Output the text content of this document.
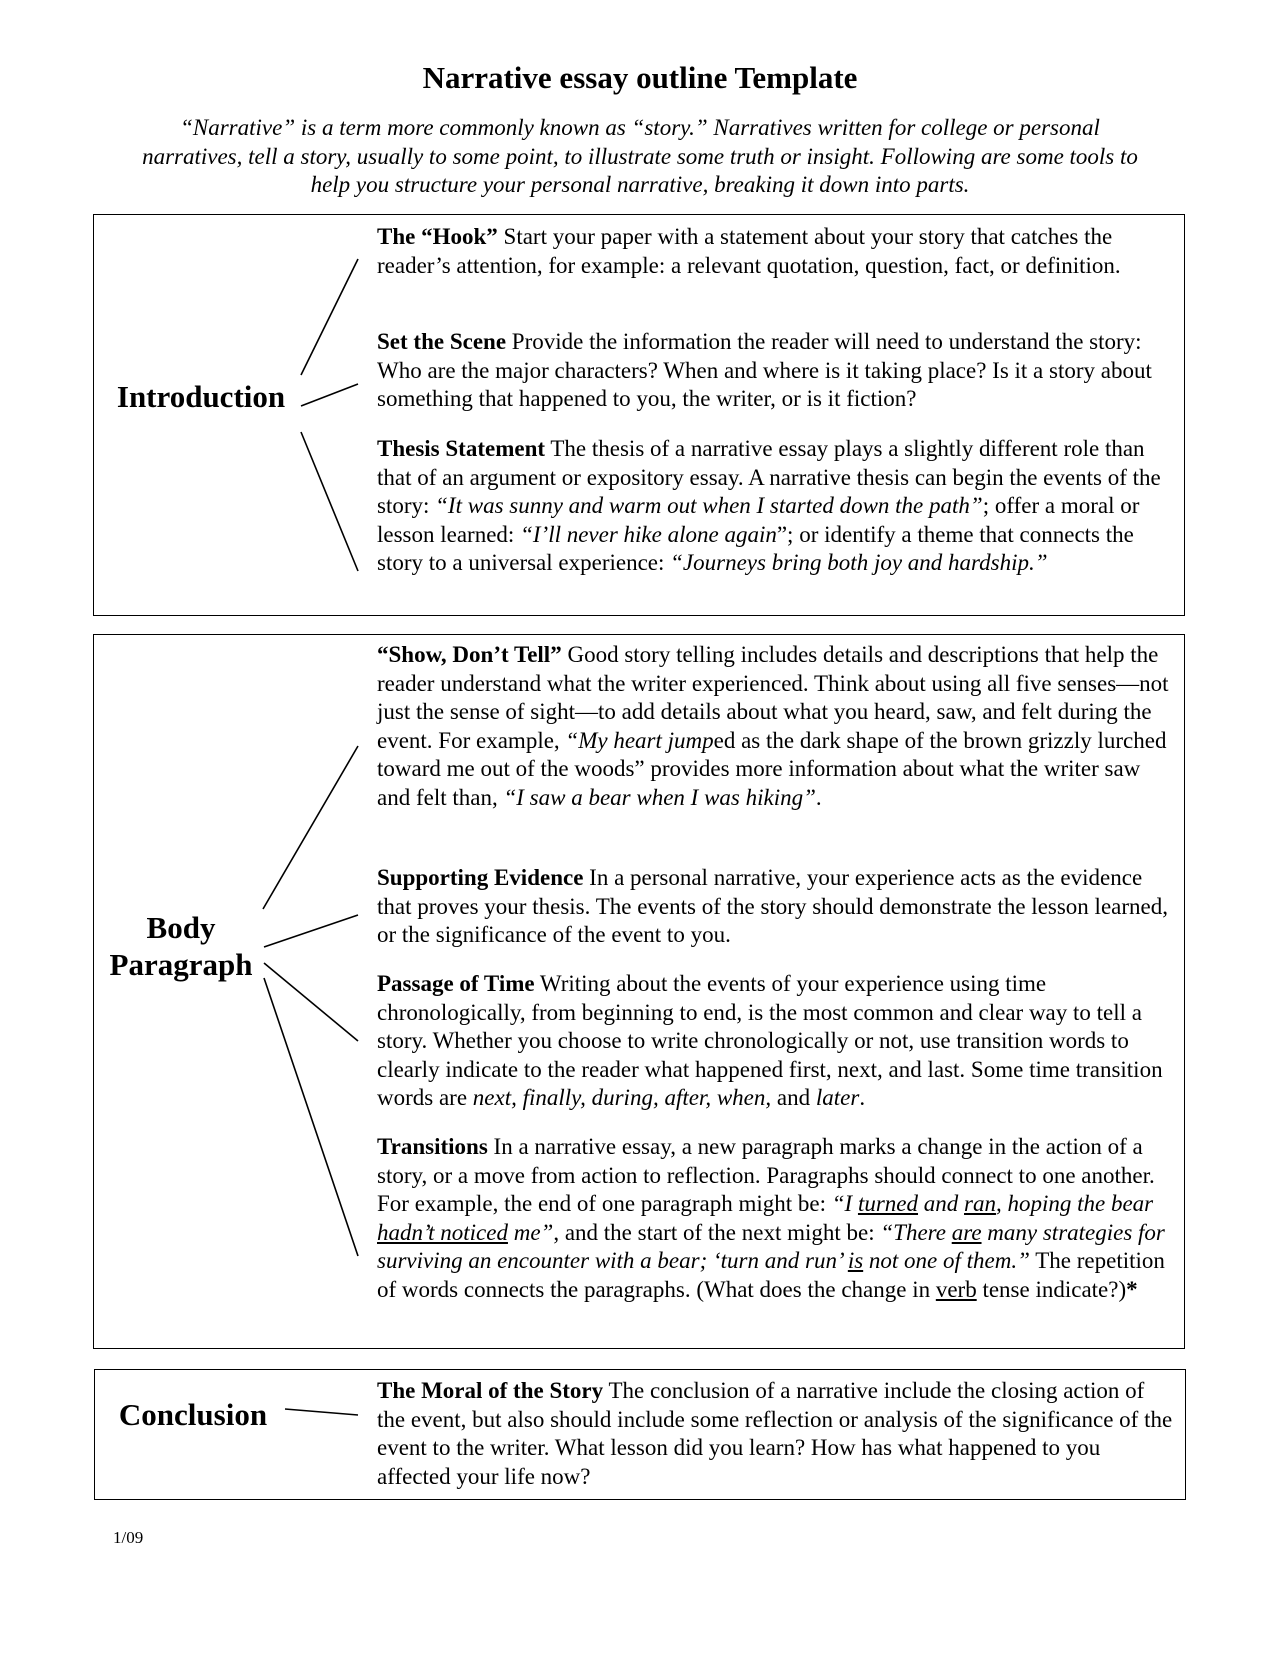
Narrative essay outline Template
“Narrative” is a term more commonly known as “story.” Narratives written for college or personal narratives, tell a story, usually to some point, to illustrate some truth or insight. Following are some tools to help you structure your personal narrative, breaking it down into parts.
Introduction
Body
Paragraph
Conclusion

The “Hook” Start your paper with a statement about your story that catches the reader’s attention, for example: a relevant quotation, question, fact, or definition.

Set the Scene Provide the information the reader will need to understand the story: Who are the major characters? When and where is it taking place? Is it a story about something that happened to you, the writer, or is it fiction?

Thesis Statement The thesis of a narrative essay plays a slightly different role than that of an argument or expository essay. A narrative thesis can begin the events of the story: “It was sunny and warm out when I started down the path”; offer a moral or lesson learned: “I’ll never hike alone again”; or identify a theme that connects the story to a universal experience: “Journeys bring both joy and hardship.”

“Show, Don’t Tell” Good story telling includes details and descriptions that help the reader understand what the writer experienced. Think about using all five senses—not just the sense of sight—to add details about what you heard, saw, and felt during the event. For example, “My heart jumped as the dark shape of the brown grizzly lurched toward me out of the woods” provides more information about what the writer saw and felt than, “I saw a bear when I was hiking”.

Supporting Evidence In a personal narrative, your experience acts as the evidence that proves your thesis. The events of the story should demonstrate the lesson learned, or the significance of the event to you.

Passage of Time Writing about the events of your experience using time chronologically, from beginning to end, is the most common and clear way to tell a story. Whether you choose to write chronologically or not, use transition words to clearly indicate to the reader what happened first, next, and last. Some time transition words are next, finally, during, after, when, and later.

Transitions In a narrative essay, a new paragraph marks a change in the action of a story, or a move from action to reflection. Paragraphs should connect to one another. For example, the end of one paragraph might be: “I turned and ran, hoping the bear hadn’t noticed me”, and the start of the next might be: “There are many strategies for surviving an encounter with a bear; ‘turn and run’ is not one of them.” The repetition of words connects the paragraphs. (What does the change in verb tense indicate?)*

The Moral of the Story The conclusion of a narrative include the closing action of the event, but also should include some reflection or analysis of the significance of the event to the writer. What lesson did you learn? How has what happened to you affected your life now?

1/09
